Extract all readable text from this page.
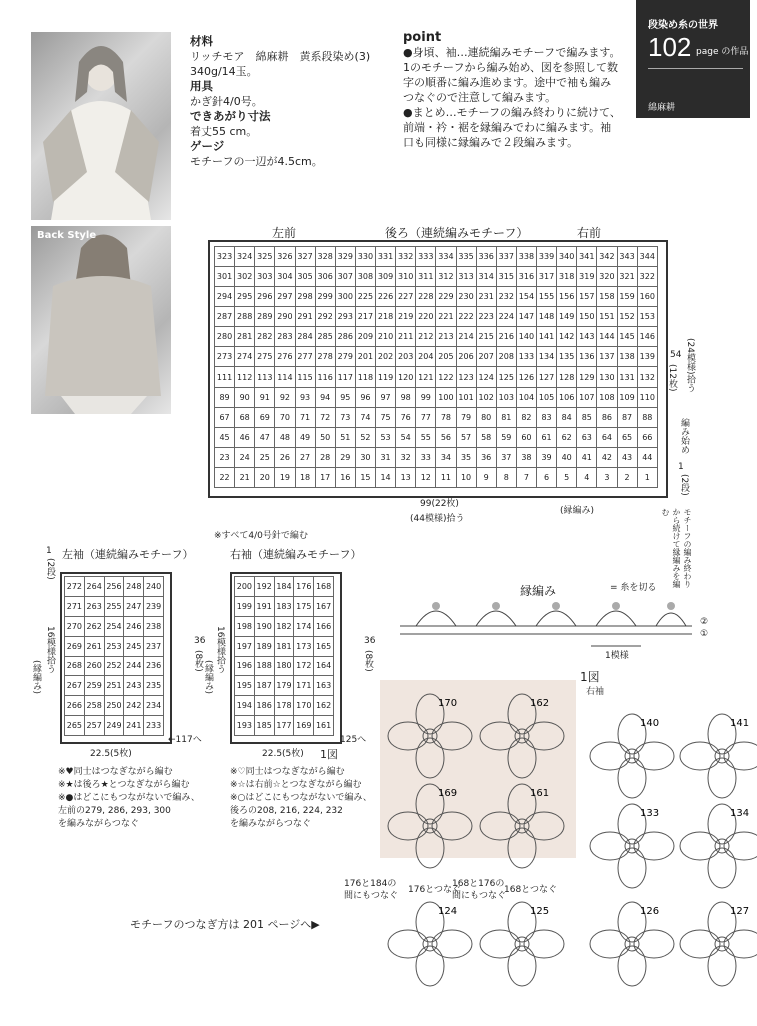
Back Style
材料
リッチモア　綿麻耕　黄系段染め(3)
340g/14玉。
用具
かぎ針4/0号。
できあがり寸法
着丈55 cm。
ゲージ
モチーフの一辺が4.5cm。
point
●身頃、袖…連続編みモチーフで編みます。
1のモチーフから編み始め、図を参照して数
字の順番に編み進めます。途中で袖も編み
つなぐので注意して編みます。
●まとめ…モチーフの編み終わりに続けて、
前端・衿・裾を縁編みでわに編みます。袖
口も同様に縁編みで２段編みます。
段染め糸の世界
102 page の作品・
綿麻耕
左前	後ろ（連続編みモチーフ）	右前
323	324	325	326	327	328	329	330	331	332	333	334	335	336	337	338	339	340	341	342	343	344
301	302	303	304	305	306	307	308	309	310	311	312	313	314	315	316	317	318	319	320	321	322
294	295	296	297	298	299	300	225	226	227	228	229	230	231	232	154	155	156	157	158	159	160
287	288	289	290	291	292	293	217	218	219	220	221	222	223	224	147	148	149	150	151	152	153
280	281	282	283	284	285	286	209	210	211	212	213	214	215	216	140	141	142	143	144	145	146
273	274	275	276	277	278	279	201	202	203	204	205	206	207	208	133	134	135	136	137	138	139
111	112	113	114	115	116	117	118	119	120	121	122	123	124	125	126	127	128	129	130	131	132
89	90	91	92	93	94	95	96	97	98	99	100	101	102	103	104	105	106	107	108	109	110
67	68	69	70	71	72	73	74	75	76	77	78	79	80	81	82	83	84	85	86	87	88
45	46	47	48	49	50	51	52	53	54	55	56	57	58	59	60	61	62	63	64	65	66
23	24	25	26	27	28	29	30	31	32	33	34	35	36	37	38	39	40	41	42	43	44
22	21	20	19	18	17	16	15	14	13	12	11	10	9	8	7	6	5	4	3	2	1
99(22枚)
(44模様)拾う
(縁編み)
※すべて4/0号針で編む
54
(12枚) (24模様)拾う
編み始め
1
(2段)
モチーフの編み終わりから続けて縁編みを編む
左袖（連続編みモチーフ）
1
(2段)
16模様拾う
(縁編み)
272	264	256	248	240
271	263	255	247	239
270	262	254	246	238
269	261	253	245	237
268	260	252	244	236
267	259	251	243	235
266	258	250	242	234
265	257	249	241	233
36
(8枚)
22.5(5枚)
←117へ
※♥同士はつなぎながら編む
※★は後ろ★とつなぎながら編む
※●はどこにもつながないで編み、
左前の279, 286, 293, 300
を編みながらつなぐ
右袖（連続編みモチーフ）
16模様拾う
(縁編み)
200	192	184	176	168
199	191	183	175	167
198	190	182	174	166
197	189	181	173	165
196	188	180	172	164
195	187	179	171	163
194	186	178	170	162
193	185	177	169	161
36
(8枚)
22.5(5枚)
125へ
1図
※♡同士はつなぎながら編む
※☆は右前☆とつなぎながら編む
※○はどこにもつながないで編み、
後ろの208, 216, 224, 232
を編みながらつなぐ
縁編み	= 糸を切る
1模様
②
①
1図
右袖
170	162
169	161
140	141
133	134
124	125	126	127
176と184の
間にもつなぐ
176とつなぐ
168と176の
間にもつなぐ
168とつなぐ
モチーフのつなぎ方は 201 ページへ▶
